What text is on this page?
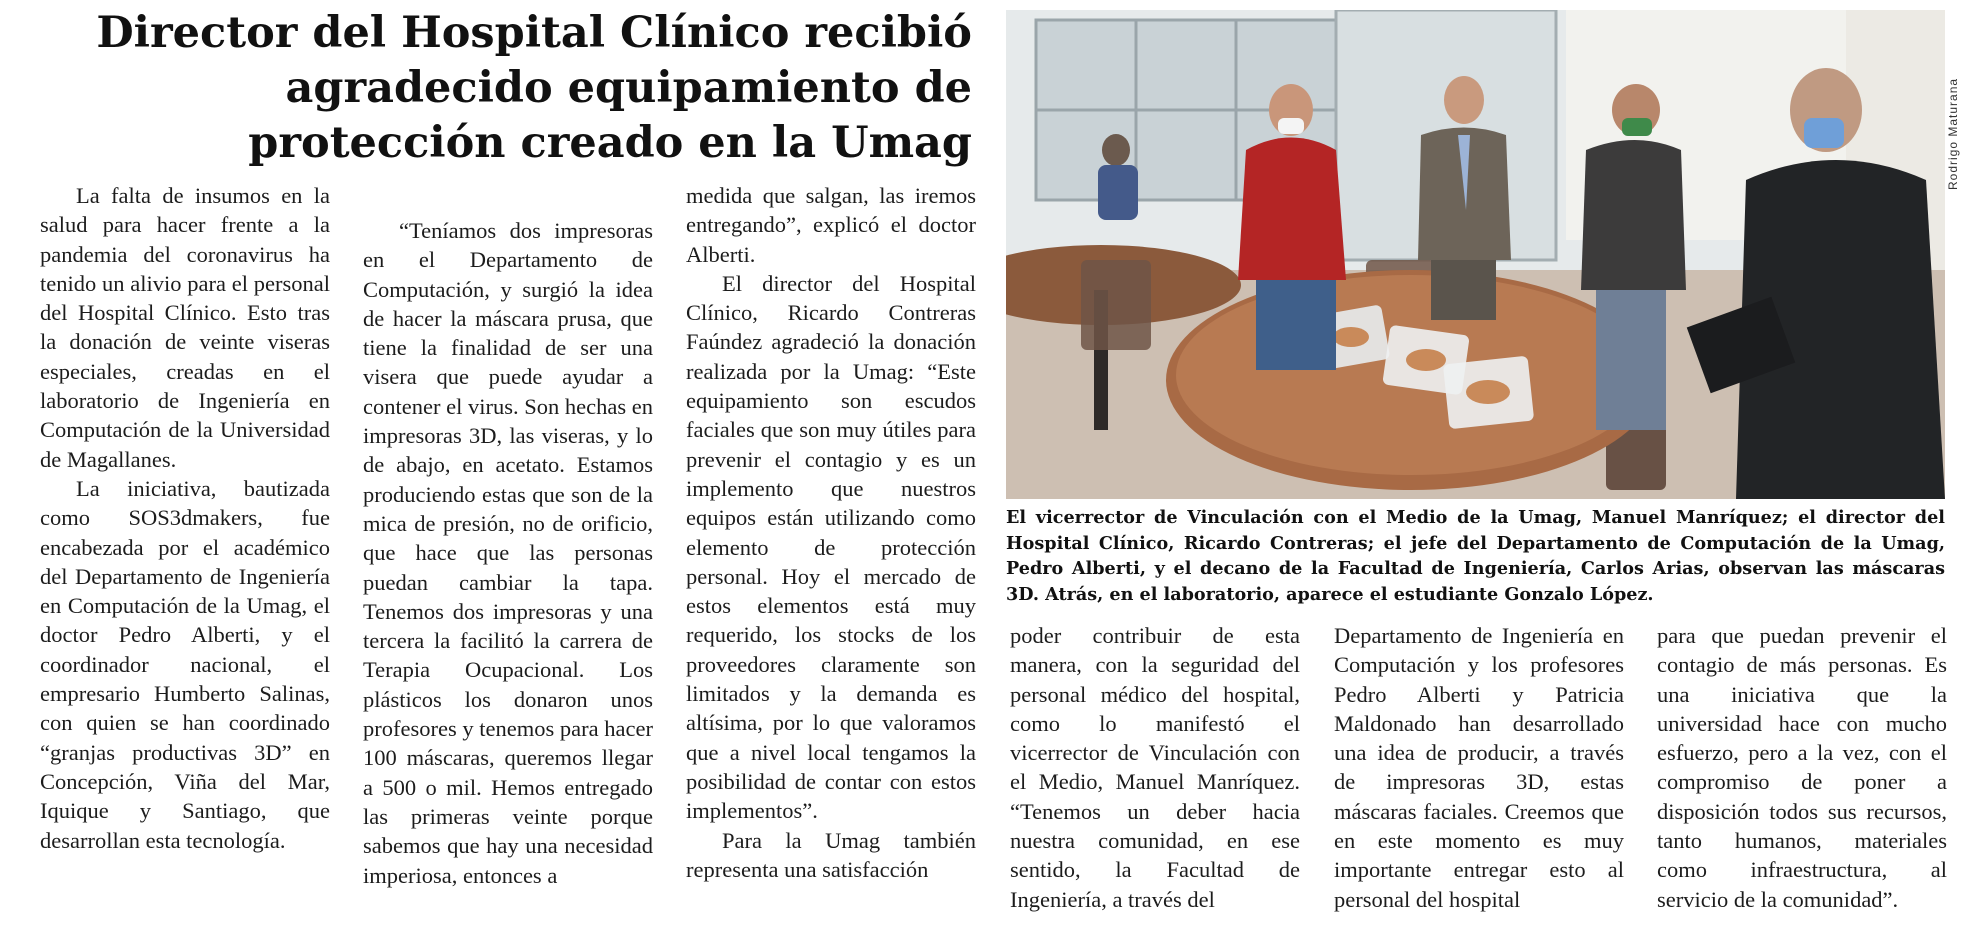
Director del Hospital Clínico recibió agradecido equipamiento de protección creado en la Umag

La falta de insumos en la salud para hacer frente a la pandemia del coronavirus ha tenido un alivio para el personal del Hospital Clínico. Esto tras la donación de veinte viseras especiales, creadas en el laboratorio de Ingeniería en Computación de la Universidad de Magallanes.

La iniciativa, bautizada como SOS3dmakers, fue encabezada por el académico del Departamento de Ingeniería en Computación de la Umag, el doctor Pedro Alberti, y el coordinador nacional, el empresario Humberto Salinas, con quien se han coordinado “granjas productivas 3D” en Concepción, Viña del Mar, Iquique y Santiago, que desarrollan esta tecnología.

“Teníamos dos impresoras en el Departamento de Computación, y surgió la idea de hacer la máscara prusa, que tiene la finalidad de ser una visera que puede ayudar a contener el virus. Son hechas en impresoras 3D, las viseras, y lo de abajo, en acetato. Estamos produciendo estas que son de la mica de presión, no de orificio, que hace que las personas puedan cambiar la tapa. Tenemos dos impresoras y una tercera la facilitó la carrera de Terapia Ocupacional. Los plásticos los donaron unos profesores y tenemos para hacer 100 máscaras, queremos llegar a 500 o mil. Hemos entregado las primeras veinte porque sabemos que hay una necesidad imperiosa, entonces a

medida que salgan, las iremos entregando”, explicó el doctor Alberti.

El director del Hospital Clínico, Ricardo Contreras Faúndez agradeció la donación realizada por la Umag: “Este equipamiento son escudos faciales que son muy útiles para prevenir el contagio y es un implemento que nuestros equipos están utilizando como elemento de protección personal. Hoy el mercado de estos elementos está muy requerido, los stocks de los proveedores claramente son limitados y la demanda es altísima, por lo que valoramos que a nivel local tengamos la posibilidad de contar con estos implementos”.

Para la Umag también representa una satisfacción

Rodrigo Maturana

El vicerrector de Vinculación con el Medio de la Umag, Manuel Manríquez; el director del Hospital Clínico, Ricardo Contreras; el jefe del Departamento de Computación de la Umag, Pedro Alberti, y el decano de la Facultad de Ingeniería, Carlos Arias, observan las máscaras 3D. Atrás, en el laboratorio, aparece el estudiante Gonzalo López.

poder contribuir de esta manera, con la seguridad del personal médico del hospital, como lo manifestó el vicerrector de Vinculación con el Medio, Manuel Manríquez. “Tenemos un deber hacia nuestra comunidad, en ese sentido, la Facultad de Ingeniería, a través del

Departamento de Ingeniería en Computación y los profesores Pedro Alberti y Patricia Maldonado han desarrollado una idea de producir, a través de impresoras 3D, estas máscaras faciales. Creemos que en este momento es muy importante entregar esto al personal del hospital

para que puedan prevenir el contagio de más personas. Es una iniciativa que la universidad hace con mucho esfuerzo, pero a la vez, con el compromiso de poner a disposición todos sus recursos, tanto humanos, materiales como infraestructura, al servicio de la comunidad”.
